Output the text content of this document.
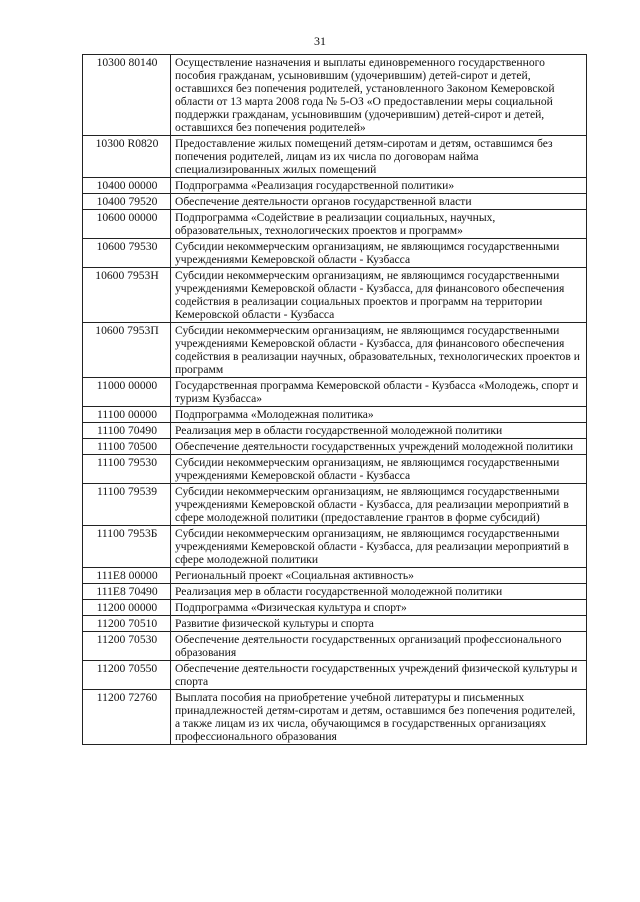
31
10300 80140	Осуществление назначения и выплаты единовременного государственного пособия гражданам, усыновившим (удочерившим) детей-сирот и детей, оставшихся без попечения родителей, установленного Законом Кемеровской области от 13 марта 2008 года № 5-ОЗ «О предоставлении меры социальной поддержки гражданам, усыновившим (удочерившим) детей-сирот и детей, оставшихся без попечения родителей»
10300 R0820	Предоставление жилых помещений детям-сиротам и детям, оставшимся без попечения родителей, лицам из их числа по договорам найма специализированных жилых помещений
10400 00000	Подпрограмма «Реализация государственной политики»
10400 79520	Обеспечение деятельности органов государственной власти
10600 00000	Подпрограмма «Содействие в реализации социальных, научных, образовательных, технологических проектов и программ»
10600 79530	Субсидии некоммерческим организациям, не являющимся государственными учреждениями Кемеровской области - Кузбасса
10600 7953Н	Субсидии некоммерческим организациям, не являющимся государственными учреждениями Кемеровской области - Кузбасса, для финансового обеспечения содействия в реализации социальных проектов и программ на территории Кемеровской области - Кузбасса
10600 7953П	Субсидии некоммерческим организациям, не являющимся государственными учреждениями Кемеровской области - Кузбасса, для финансового обеспечения содействия в реализации научных, образовательных, технологических проектов и программ
11000 00000	Государственная программа Кемеровской области - Кузбасса «Молодежь, спорт и туризм Кузбасса»
11100 00000	Подпрограмма «Молодежная политика»
11100 70490	Реализация мер в области государственной молодежной политики
11100 70500	Обеспечение деятельности государственных учреждений молодежной политики
11100 79530	Субсидии некоммерческим организациям, не являющимся государственными учреждениями Кемеровской области - Кузбасса
11100 79539	Субсидии некоммерческим организациям, не являющимся государственными учреждениями Кемеровской области - Кузбасса, для реализации мероприятий в сфере молодежной политики (предоставление грантов в форме субсидий)
11100 7953Б	Субсидии некоммерческим организациям, не являющимся государственными учреждениями Кемеровской области - Кузбасса, для реализации мероприятий в сфере молодежной политики
111Е8 00000	Региональный проект «Социальная активность»
111Е8 70490	Реализация мер в области государственной молодежной политики
11200 00000	Подпрограмма «Физическая культура и спорт»
11200 70510	Развитие физической культуры и спорта
11200 70530	Обеспечение деятельности государственных организаций профессионального образования
11200 70550	Обеспечение деятельности государственных учреждений физической культуры и спорта
11200 72760	Выплата пособия на приобретение учебной литературы и письменных принадлежностей детям-сиротам и детям, оставшимся без попечения родителей, а также лицам из их числа, обучающимся в государственных организациях профессионального образования
